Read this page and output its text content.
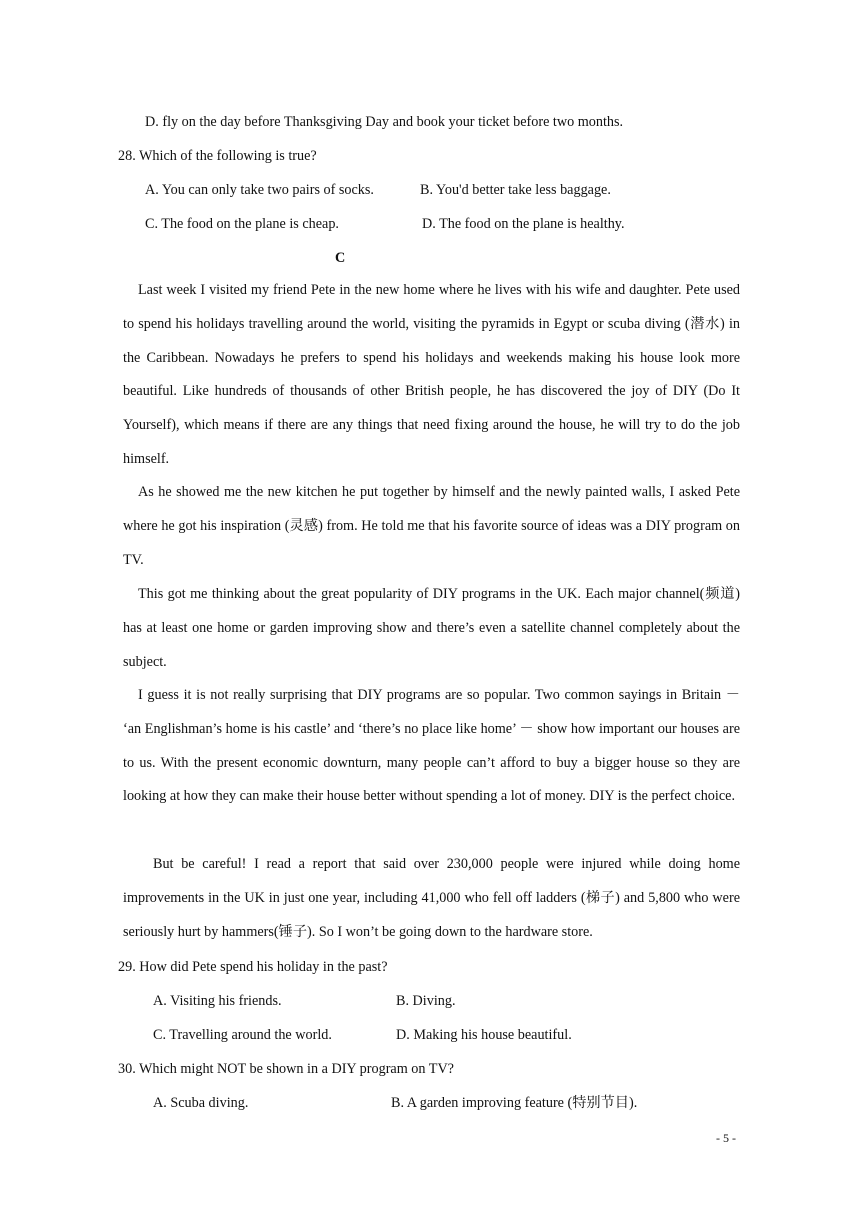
D. fly on the day before Thanksgiving Day and book your ticket before two months.
28. Which of the following is true?
A. You can only take two pairs of socks.	B. You'd better take less baggage.
C. The food on the plane is cheap.	D. The food on the plane is healthy.
C
Last week I visited my friend Pete in the new home where he lives with his wife and daughter. Pete used to spend his holidays travelling around the world, visiting the pyramids in Egypt or scuba diving (潜水) in the Caribbean. Nowadays he prefers to spend his holidays and weekends making his house look more beautiful. Like hundreds of thousands of other British people, he has discovered the joy of DIY (Do It Yourself), which means if there are any things that need fixing around the house, he will try to do the job himself.
As he showed me the new kitchen he put together by himself and the newly painted walls, I asked Pete where he got his inspiration (灵感) from. He told me that his favorite source of ideas was a DIY program on TV.
This got me thinking about the great popularity of DIY programs in the UK. Each major channel(频道) has at least one home or garden improving show and there’s even a satellite channel completely about the subject.
I guess it is not really surprising that DIY programs are so popular. Two common sayings in Britain － ‘an Englishman’s home is his castle’ and ‘there’s no place like home’ － show how important our houses are to us. With the present economic downturn, many people can’t afford to buy a bigger house so they are looking at how they can make their house better without spending a lot of money. DIY is the perfect choice.
But be careful! I read a report that said over 230,000 people were injured while doing home improvements in the UK in just one year, including 41,000 who fell off ladders (梯子) and 5,800 who were seriously hurt by hammers(锤子). So I won’t be going down to the hardware store.
29. How did Pete spend his holiday in the past?
A. Visiting his friends.	B. Diving.
C. Travelling around the world.	D. Making his house beautiful.
30. Which might NOT be shown in a DIY program on TV?
A. Scuba diving.	B. A garden improving feature (特别节目).
- 5 -
